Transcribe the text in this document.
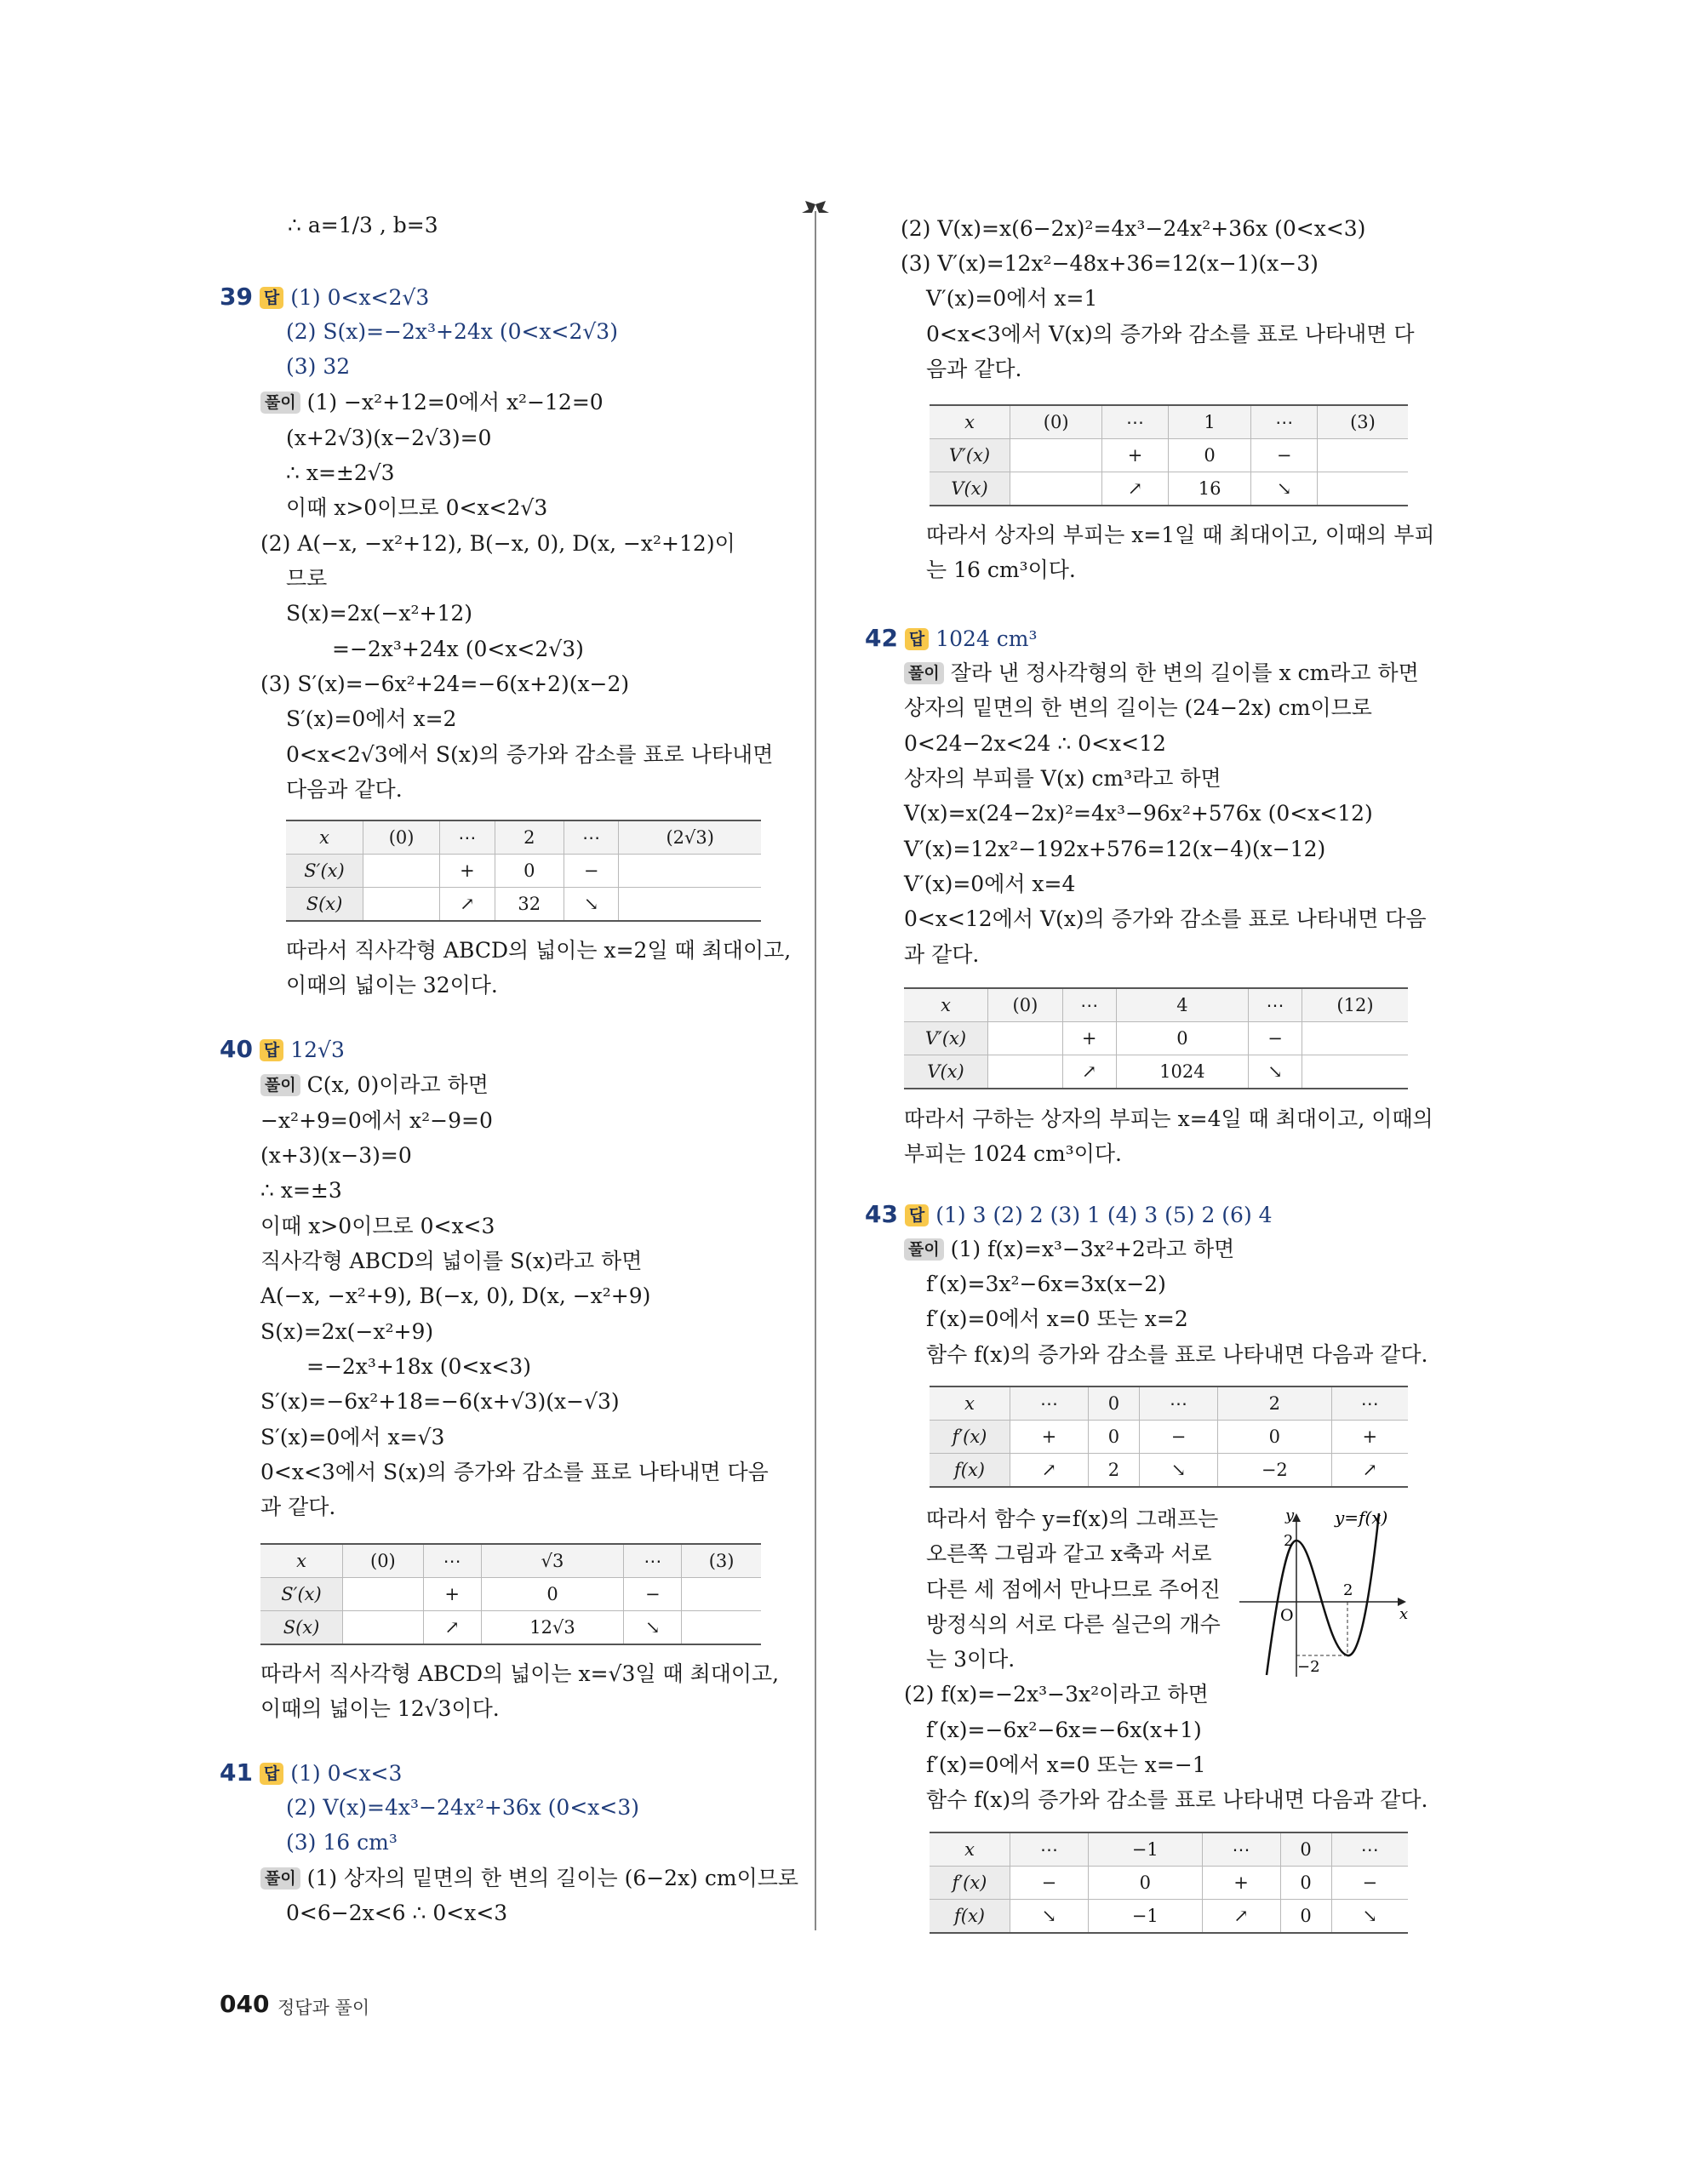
∴ a=1/3 , b=3
39 답 (1) 0<x<2√3
(2) S(x)=−2x³+24x (0<x<2√3)
(3) 32
풀이 (1) −x²+12=0에서 x²−12=0
(x+2√3)(x−2√3)=0
∴ x=±2√3
이때 x>0이므로 0<x<2√3
(2) A(−x, −x²+12), B(−x, 0), D(x, −x²+12)이
므로
S(x)=2x(−x²+12)
=−2x³+24x (0<x<2√3)
(3) S′(x)=−6x²+24=−6(x+2)(x−2)
S′(x)=0에서 x=2
0<x<2√3에서 S(x)의 증가와 감소를 표로 나타내면
다음과 같다.
x	(0)	⋯	2	⋯	(2√3)
S′(x)		+	0	−	
S(x)		↗	32	↘	
따라서 직사각형 ABCD의 넓이는 x=2일 때 최대이고,
이때의 넓이는 32이다.
40 답 12√3
풀이 C(x, 0)이라고 하면
−x²+9=0에서 x²−9=0
(x+3)(x−3)=0
∴ x=±3
이때 x>0이므로 0<x<3
직사각형 ABCD의 넓이를 S(x)라고 하면
A(−x, −x²+9), B(−x, 0), D(x, −x²+9)
S(x)=2x(−x²+9)
=−2x³+18x (0<x<3)
S′(x)=−6x²+18=−6(x+√3)(x−√3)
S′(x)=0에서 x=√3
0<x<3에서 S(x)의 증가와 감소를 표로 나타내면 다음
과 같다.
x	(0)	⋯	√3	⋯	(3)
S′(x)		+	0	−	
S(x)		↗	12√3	↘	
따라서 직사각형 ABCD의 넓이는 x=√3일 때 최대이고,
이때의 넓이는 12√3이다.
41 답 (1) 0<x<3
(2) V(x)=4x³−24x²+36x (0<x<3)
(3) 16 cm³
풀이 (1) 상자의 밑면의 한 변의 길이는 (6−2x) cm이므로
0<6−2x<6 ∴ 0<x<3
(2) V(x)=x(6−2x)²=4x³−24x²+36x (0<x<3)
(3) V′(x)=12x²−48x+36=12(x−1)(x−3)
V′(x)=0에서 x=1
0<x<3에서 V(x)의 증가와 감소를 표로 나타내면 다
음과 같다.
x	(0)	⋯	1	⋯	(3)
V′(x)		+	0	−	
V(x)		↗	16	↘	
따라서 상자의 부피는 x=1일 때 최대이고, 이때의 부피
는 16 cm³이다.
42 답 1024 cm³
풀이 잘라 낸 정사각형의 한 변의 길이를 x cm라고 하면
상자의 밑면의 한 변의 길이는 (24−2x) cm이므로
0<24−2x<24 ∴ 0<x<12
상자의 부피를 V(x) cm³라고 하면
V(x)=x(24−2x)²=4x³−96x²+576x (0<x<12)
V′(x)=12x²−192x+576=12(x−4)(x−12)
V′(x)=0에서 x=4
0<x<12에서 V(x)의 증가와 감소를 표로 나타내면 다음
과 같다.
x	(0)	⋯	4	⋯	(12)
V′(x)		+	0	−	
V(x)		↗	1024	↘	
따라서 구하는 상자의 부피는 x=4일 때 최대이고, 이때의
부피는 1024 cm³이다.
43 답 (1) 3 (2) 2 (3) 1 (4) 3 (5) 2 (6) 4
풀이 (1) f(x)=x³−3x²+2라고 하면
f′(x)=3x²−6x=3x(x−2)
f′(x)=0에서 x=0 또는 x=2
함수 f(x)의 증가와 감소를 표로 나타내면 다음과 같다.
x	⋯	0	⋯	2	⋯
f′(x)	+	0	−	0	+
f(x)	↗	2	↘	−2	↗
따라서 함수 y=f(x)의 그래프는
오른쪽 그림과 같고 x축과 서로
다른 세 점에서 만나므로 주어진
방정식의 서로 다른 실근의 개수
는 3이다.
y
x
y=f(x)
O
2
2
−2
(2) f(x)=−2x³−3x²이라고 하면
f′(x)=−6x²−6x=−6x(x+1)
f′(x)=0에서 x=0 또는 x=−1
함수 f(x)의 증가와 감소를 표로 나타내면 다음과 같다.
x	⋯	−1	⋯	0	⋯
f′(x)	−	0	+	0	−
f(x)	↘	−1	↗	0	↘
040 정답과 풀이
